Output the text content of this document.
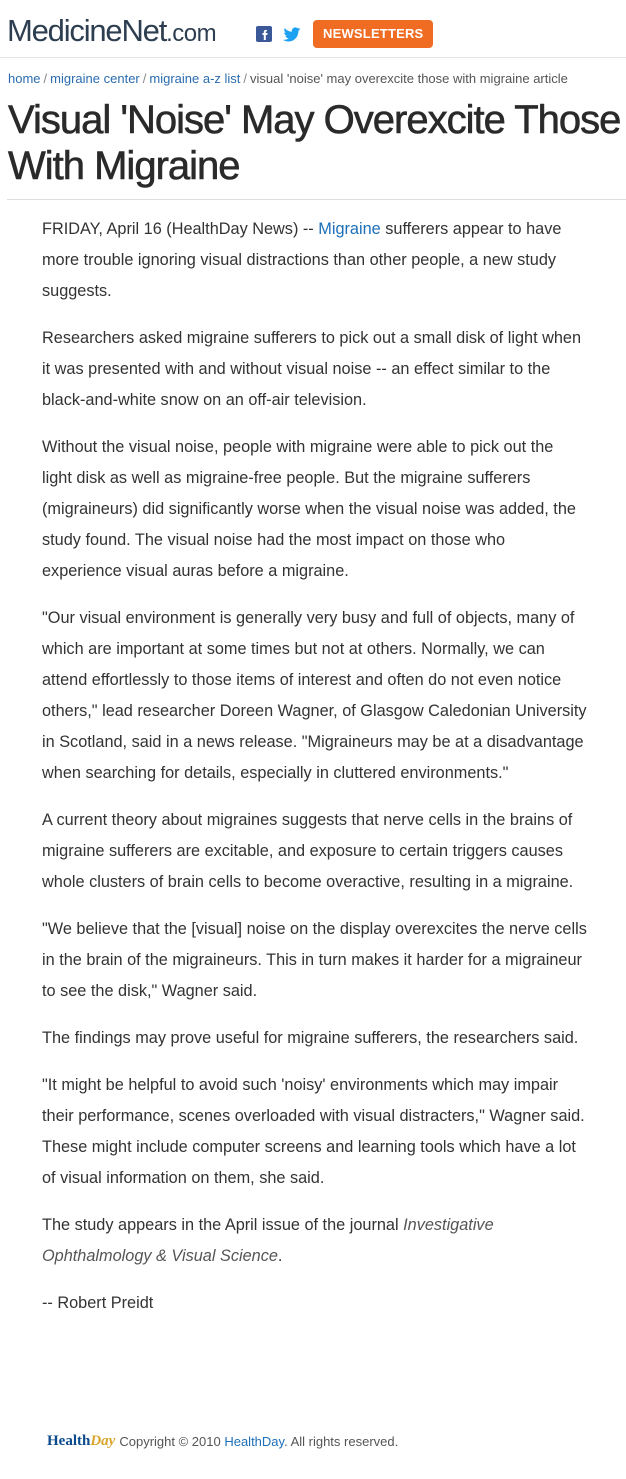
MedicineNet.com	NEWSLETTERS
home / migraine center / migraine a-z list / visual 'noise' may overexcite those with migraine article
Visual 'Noise' May Overexcite Those With Migraine

FRIDAY, April 16 (HealthDay News) -- Migraine sufferers appear to have more trouble ignoring visual distractions than other people, a new study suggests.

Researchers asked migraine sufferers to pick out a small disk of light when it was presented with and without visual noise -- an effect similar to the black-and-white snow on an off-air television.

Without the visual noise, people with migraine were able to pick out the light disk as well as migraine-free people. But the migraine sufferers (migraineurs) did significantly worse when the visual noise was added, the study found. The visual noise had the most impact on those who experience visual auras before a migraine.

"Our visual environment is generally very busy and full of objects, many of which are important at some times but not at others. Normally, we can attend effortlessly to those items of interest and often do not even notice others," lead researcher Doreen Wagner, of Glasgow Caledonian University in Scotland, said in a news release. "Migraineurs may be at a disadvantage when searching for details, especially in cluttered environments."

A current theory about migraines suggests that nerve cells in the brains of migraine sufferers are excitable, and exposure to certain triggers causes whole clusters of brain cells to become overactive, resulting in a migraine.

"We believe that the [visual] noise on the display overexcites the nerve cells in the brain of the migraineurs. This in turn makes it harder for a migraineur to see the disk," Wagner said.

The findings may prove useful for migraine sufferers, the researchers said.

"It might be helpful to avoid such 'noisy' environments which may impair their performance, scenes overloaded with visual distracters," Wagner said. These might include computer screens and learning tools which have a lot of visual information on them, she said.

The study appears in the April issue of the journal Investigative Ophthalmology & Visual Science.

-- Robert Preidt

HealthDay Copyright © 2010 HealthDay. All rights reserved.
